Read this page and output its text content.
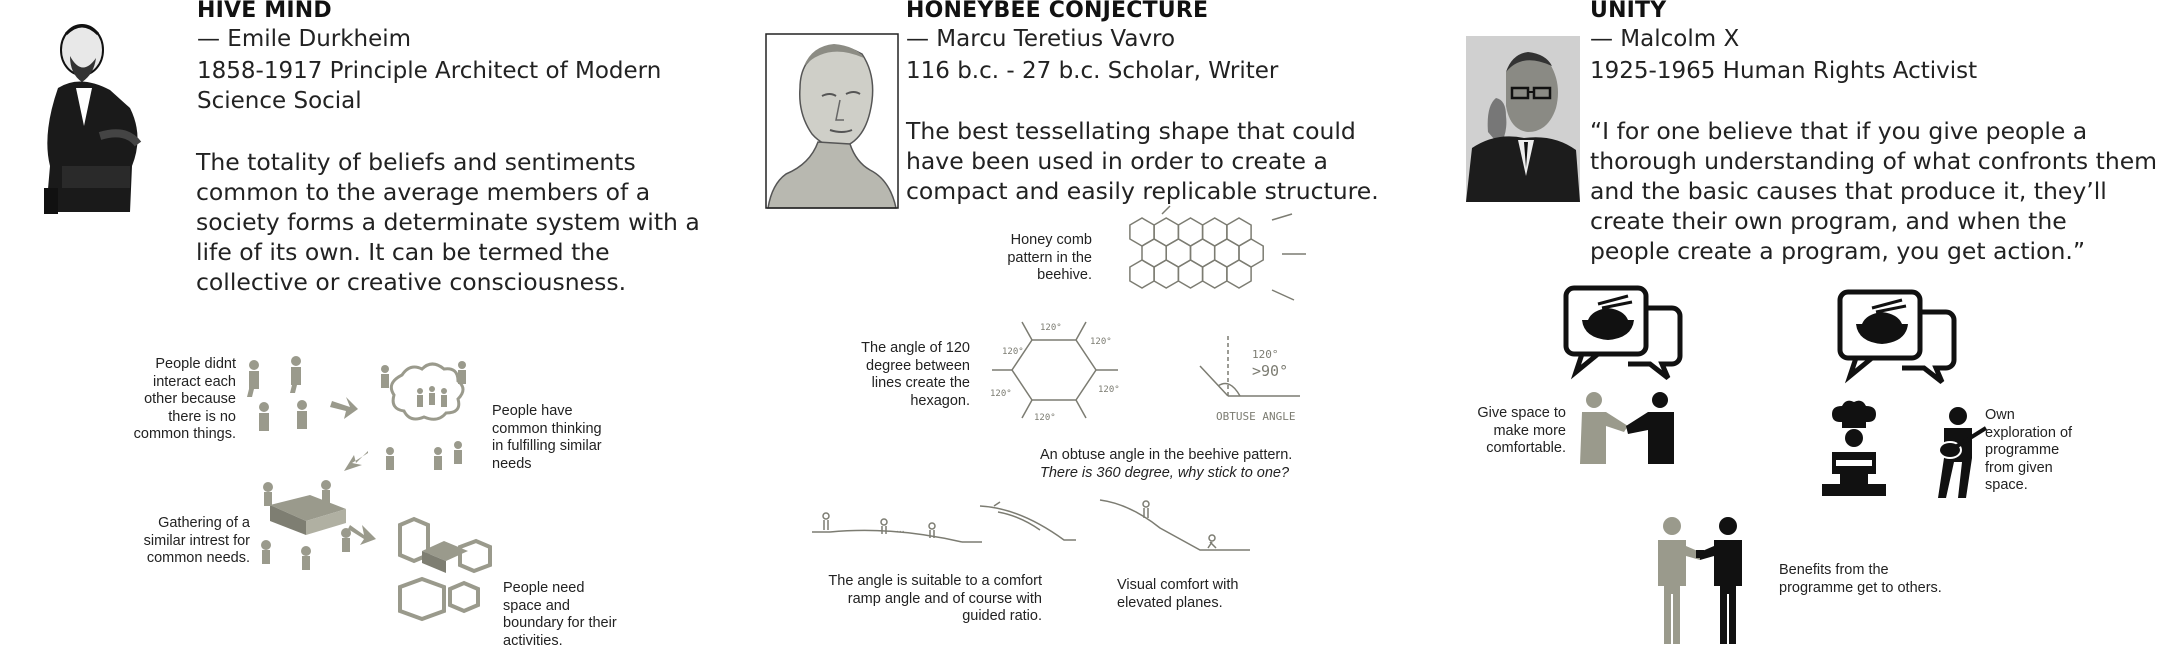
HIVE MIND
— Emile Durkheim
1858-1917 Principle Architect of Modern
Science Social
The totality of beliefs and sentiments
common to the average members of a
society forms a determinate system with a
life of its own. It can be termed the
collective or creative consciousness.
People didnt
interact each
other because
there is no
common things.
People have
common thinking
in fulfilling similar
needs
Gathering of a
similar intrest for
common needs.
People need
space and
boundary for their
activities.
HONEYBEE CONJECTURE
— Marcu Teretius Vavro
116 b.c. - 27 b.c. Scholar, Writer
The best tessellating shape that could
have been used in order to create a
compact and easily replicable structure.
Honey comb
pattern in the
beehive.
The angle of 120
degree between
lines create the
hexagon.
120°
120°
120°
120°
120°
120°	120°
>90°
OBTUSE ANGLE
An obtuse angle in the beehive pattern.
There is 360 degree, why stick to one?
...
The angle is suitable to a comfort
ramp angle and of course with
guided ratio.
Visual comfort with
elevated planes.
UNITY
— Malcolm X
1925-1965 Human Rights Activist
“I for one believe that if you give people a
thorough understanding of what confronts them
and the basic causes that produce it, they’ll
create their own program, and when the
people create a program, you get action.”
Give space to
make more
comfortable.
Own
exploration of
programme
from given
space.
Benefits from the
programme get to others.
